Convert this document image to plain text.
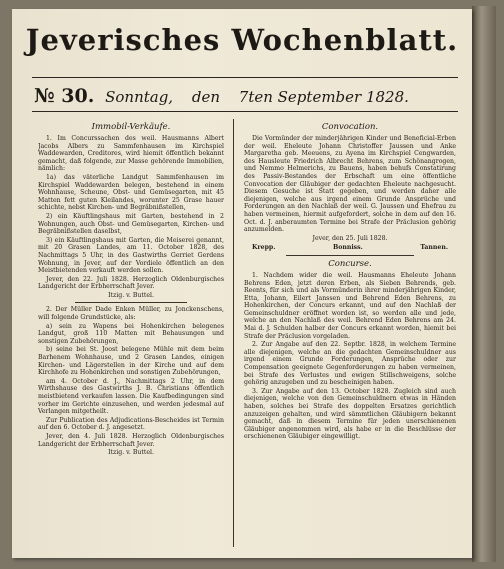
Jeverisches Wochenblatt.
№ 30. Sonntag, den 7ten September 1828.
Immobil-Verkäufe.

1. Im Concurssachen des weil. Hausmanns Albert Jacobs Albers zu Sammfenhausen im Kirchspiel Waddewarden, Creditores, wird hiemit öffentlich bekannt gemacht, daß folgende, zur Masse gehörende Immobilien, nämlich:

1a) das väterliche Landgut Sammfenhausen im Kirchspiel Waddewarden belegen, bestehend in einem Wohnhause, Scheune, Obst- und Gemüsegarten, mit 45 Matten fett guten Kleilandes, worunter 25 Grase hauer schichte, nebst Kirchen- und Begräbnißstellen,

2) ein Käuftlingshaus mit Garten, bestehend in 2 Wohnungen, auch Obst- und Gemüsegarten, Kirchen- und Begräbnißstellen daselbst,

3) ein Käuftlingshaus mit Garten, die Meiserei genannt, mit 20 Grasen Landes, am 11. October 1828, des Nachmittags 5 Uhr, in des Gastwirths Gerriet Gerdens Wohnung, in Jever, auf der Vordiele öffentlich an den Meistbietenden verkauft werden sollen.

Jever, den 22. Juli 1828. Herzoglich Oldenburgisches Landgericht der Erbherrschaft Jever.

Itzig. v. Buttel.

2. Der Müller Dade Enken Müller, zu Jonckenschens, will folgende Grundstücke, als:

a) sein zu Wapens bei Hohenkirchen belegenes Landgut, groß 110 Matten mit Behausungen und sonstigen Zubehörungen,

b) seine bei St. Joost belegene Mühle mit dem beim Barhenem Wohnhause, und 2 Grasen Landes, einigen Kirchen- und Lägerstellen in der Kirche und auf dem Kirchhofe zu Hohenkirchen und sonstigen Zubehörungen,

am 4. October d. J., Nachmittags 2 Uhr, in dem Wirthshause des Gastwirths J. B. Christians öffentlich meistbietend verkaufen lassen. Die Kaufbedingungen sind vorher im Gerichte einzusehen, und werden jedesmal auf Verlangen mitgetheilt.

Zur Publication des Adjudications-Bescheides ist Termin auf den 6. October d. J. angesetzt.

Jever, den 4. Juli 1828. Herzoglich Oldenburgisches Landgericht der Erbherrschaft Jever.

Itzig. v. Buttel.
Convocation.

Die Vormünder der minderjährigen Kinder und Beneficial-Erben der weil. Eheleute Johann Christoffer Jaussen und Anke Margaretha geb. Meeuens, zu Ayena im Kirchspiel Cengwarden, des Hausleute Friedrich Albrecht Behrens, zum Schönangrogen, und Nemmo Helmerichs, zu Bauens, haben behufs Constatirung des Passiv-Bestandes der Erbschaft um eine öffentliche Convocation der Gläubiger der gedachten Eheleute nachgesucht. Diesem Gesuche ist Statt gegeben, und werden daher alle diejenigen, welche aus irgend einem Grunde Ansprüche und Forderungen an den Nachlaß der weil. G. Jaussen und Ehefrau zu haben vermeinen, hiermit aufgefordert, solche in dem auf den 16. Oct. d. J. anberaumten Termine bei Strafe der Präclusion gehörig anzumelden.

Jever, den 25. Juli 1828.
Krepp.	Bonniss.	Tannen.
Concurse.

1. Nachdem wider die weil. Hausmanns Eheleute Johann Behrens Eden, jetzt deren Erben, als Sieben Behrends, geb. Reents, für sich und als Vormünderin ihrer minderjährigen Kinder, Etta, Johann, Eilert Janssen und Behrend Eden Behrens, zu Hohenkirchen, der Concurs erkannt, und auf den Nachlaß der Gemeinschuldner eröffnet worden ist, so werden alle und jede, welche an den Nachlaß des weil. Behrend Eden Behrens am 24. Mai d. J. Schulden halber der Concurs erkannt worden, hiemit bei Strafe der Präclusion vorgeladen.

2. Zur Angabe auf den 22. Septbr. 1828, in welchem Termine alle diejenigen, welche an die gedachten Gemeinschuldner aus irgend einem Grunde Forderungen, Ansprüche oder zur Compensation geeignete Gegenforderungen zu haben vermeinen, bei Strafe des Verlustes und ewigen Stillschweigens, solche gehörig anzugeben und zu bescheinigen haben.

3. Zur Angabe auf den 13. October 1828. Zugleich sind auch diejenigen, welche von den Gemeinschuldnern etwas in Händen haben, solches bei Strafe des doppelten Ersatzes gerichtlich anzuzeigen gehalten, und wird sämmtlichen Gläubigern bekannt gemacht, daß in diesem Termine für jeden unerschienenen Gläubiger angenommen wird, als habe er in die Beschlüsse der erschienenen Gläubiger eingewilligt.
